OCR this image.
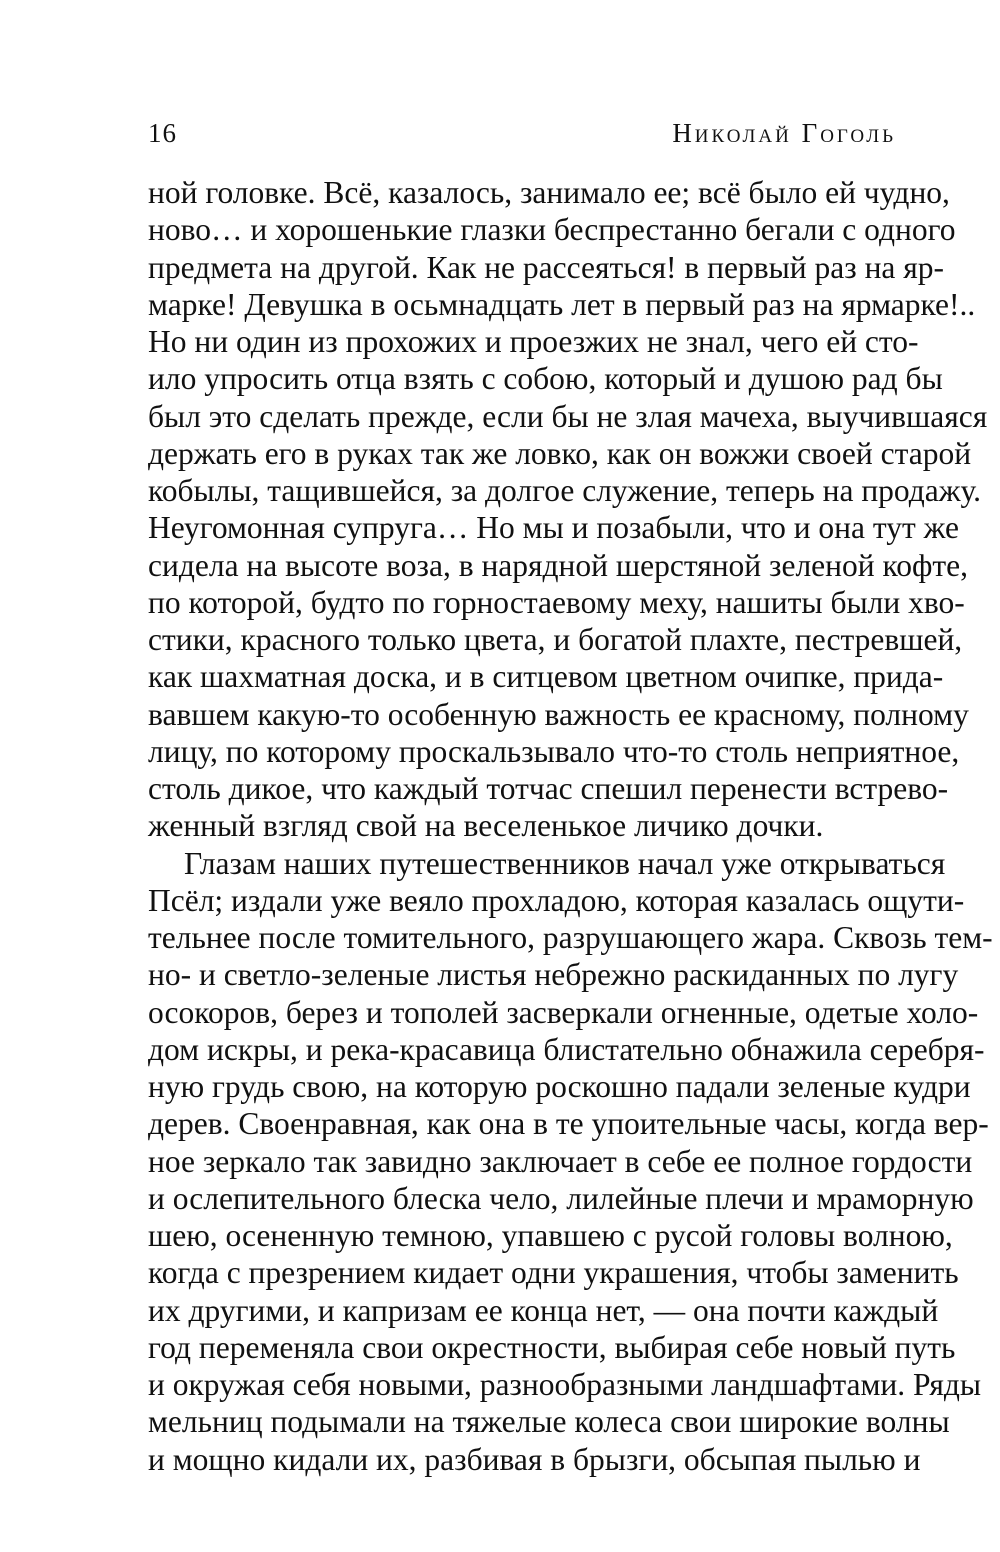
16	Николай Гоголь
ной головке. Всё, казалось, занимало ее; всё было ей чудно,
ново… и хорошенькие глазки беспрестанно бегали с одного
предмета на другой. Как не рассеяться! в первый раз на яр-
марке! Девушка в осьмнадцать лет в первый раз на ярмарке!..
Но ни один из прохожих и проезжих не знал, чего ей сто-
ило упросить отца взять с собою, который и душою рад бы
был это сделать прежде, если бы не злая мачеха, выучившаяся
держать его в руках так же ловко, как он вожжи своей старой
кобылы, тащившейся, за долгое служение, теперь на продажу.
Неугомонная супруга… Но мы и позабыли, что и она тут же
сидела на высоте воза, в нарядной шерстяной зеленой кофте,
по которой, будто по горностаевому меху, нашиты были хво-
стики, красного только цвета, и богатой плахте, пестревшей,
как шахматная доска, и в ситцевом цветном очипке, прида-
вавшем какую-то особенную важность ее красному, полному
лицу, по которому проскальзывало что-то столь неприятное,
столь дикое, что каждый тотчас спешил перенести встрево-
женный взгляд свой на веселенькое личико дочки.
Глазам наших путешественников начал уже открываться
Псёл; издали уже веяло прохладою, которая казалась ощути-
тельнее после томительного, разрушающего жара. Сквозь тем-
но- и светло-зеленые листья небрежно раскиданных по лугу
осокоров, берез и тополей засверкали огненные, одетые холо-
дом искры, и река-красавица блистательно обнажила серебря-
ную грудь свою, на которую роскошно падали зеленые кудри
дерев. Своенравная, как она в те упоительные часы, когда вер-
ное зеркало так завидно заключает в себе ее полное гордости
и ослепительного блеска чело, лилейные плечи и мраморную
шею, осененную темною, упавшею с русой головы волною,
когда с презрением кидает одни украшения, чтобы заменить
их другими, и капризам ее конца нет, — она почти каждый
год переменяла свои окрестности, выбирая себе новый путь
и окружая себя новыми, разнообразными ландшафтами. Ряды
мельниц подымали на тяжелые колеса свои широкие волны
и мощно кидали их, разбивая в брызги, обсыпая пылью и
